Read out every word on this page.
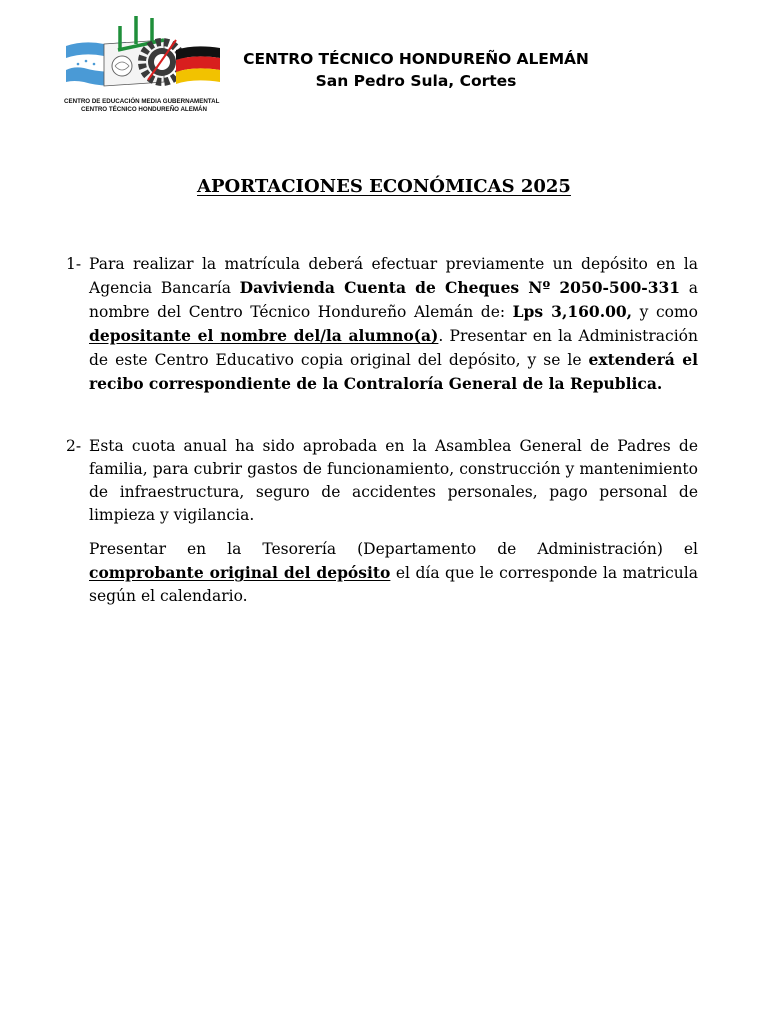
CENTRO DE EDUCACIÓN MEDIA GUBERNAMENTAL
CENTRO TÉCNICO HONDUREÑO ALEMÁN
CENTRO TÉCNICO HONDUREÑO ALEMÁN
San Pedro Sula, Cortes
APORTACIONES ECONÓMICAS 2025
1- Para realizar la matrícula deberá efectuar previamente un depósito en la Agencia Bancaría Davivienda Cuenta de Cheques Nº 2050-500-331 a nombre del Centro Técnico Hondureño Alemán de: Lps 3,160.00, y como depositante el nombre del/la alumno(a). Presentar en la Administración de este Centro Educativo copia original del depósito, y se le extenderá el recibo correspondiente de la Contraloría General de la Republica.
2- Esta cuota anual ha sido aprobada en la Asamblea General de Padres de familia, para cubrir gastos de funcionamiento, construcción y mantenimiento de infraestructura, seguro de accidentes personales, pago personal de limpieza y vigilancia.
Presentar en la Tesorería (Departamento de Administración) el comprobante original del depósito el día que le corresponde la matricula según el calendario.
